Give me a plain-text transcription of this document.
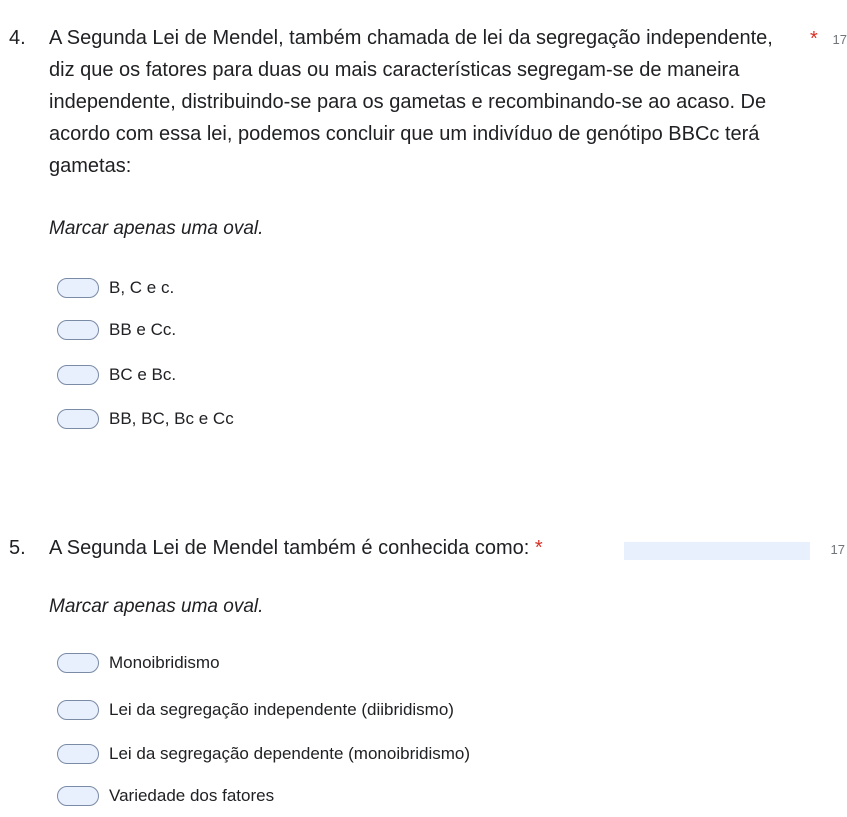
4. A Segunda Lei de Mendel, também chamada de lei da segregação independente, diz que os fatores para duas ou mais características segregam-se de maneira independente, distribuindo-se para os gametas e recombinando-se ao acaso. De acordo com essa lei, podemos concluir que um indivíduo de genótipo BBCc terá gametas:
* 17
Marcar apenas uma oval.
B, C e c.
BB e Cc.
BC e Bc.
BB, BC, Bc e Cc
5. A Segunda Lei de Mendel também é conhecida como: *	17
Marcar apenas uma oval.
Monoibridismo
Lei da segregação independente (diibridismo)
Lei da segregação dependente (monoibridismo)
Variedade dos fatores
